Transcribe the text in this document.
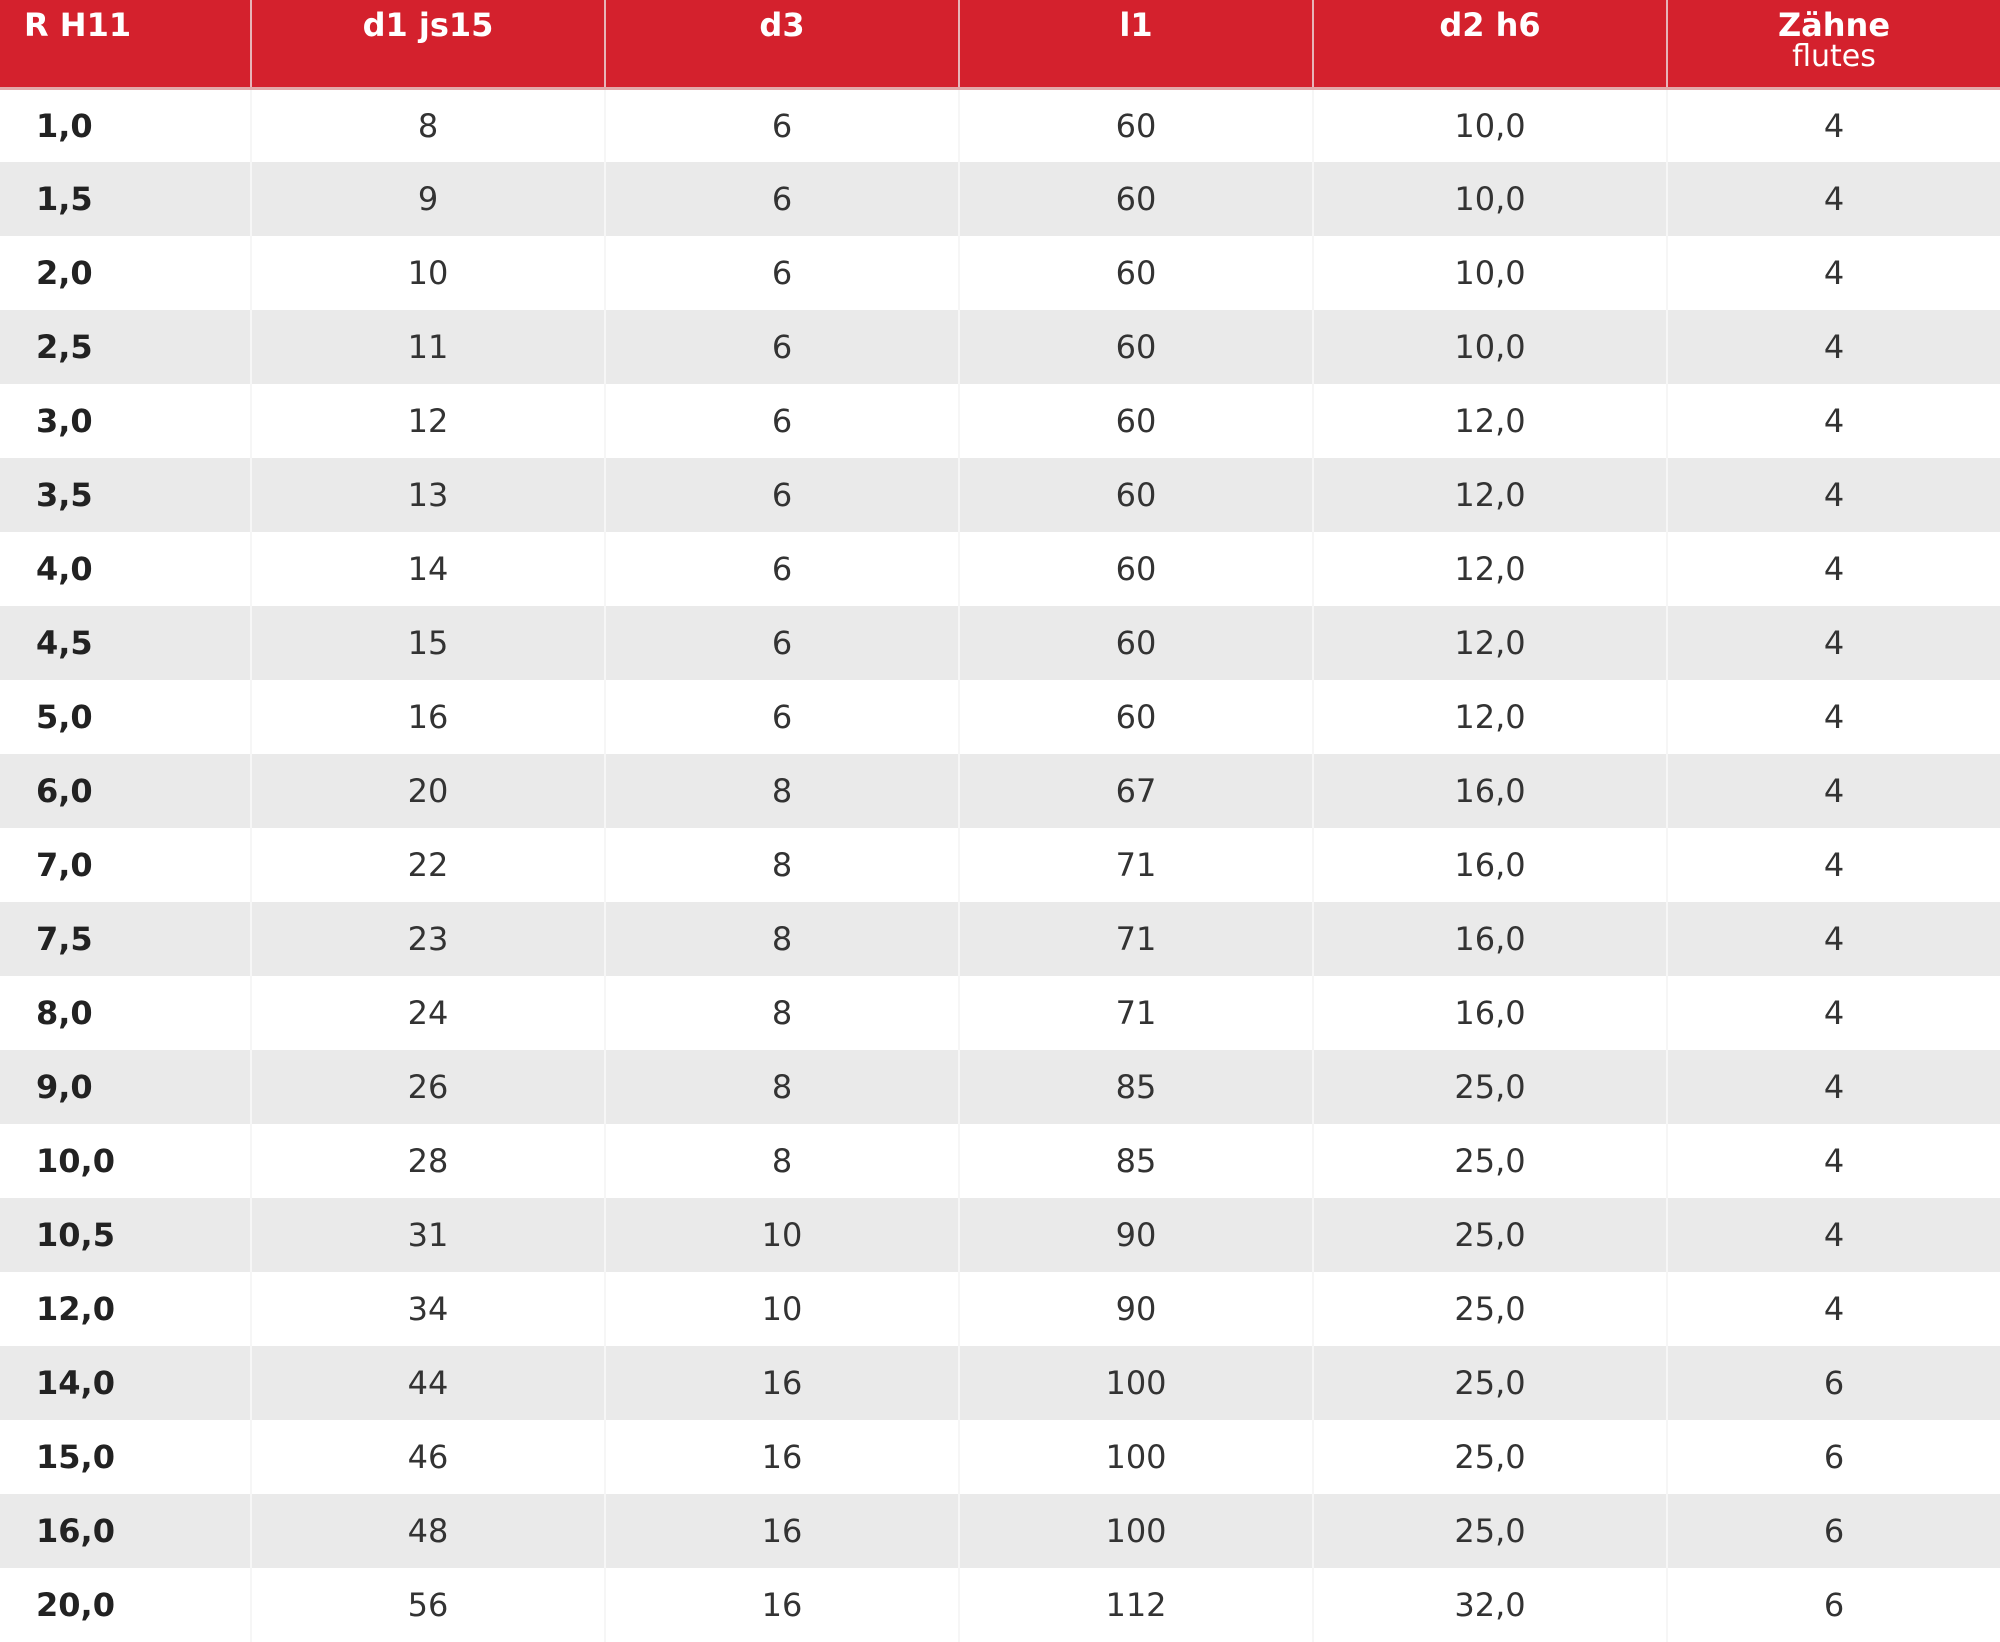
R H11	d1 js15	d3	l1	d2 h6	Zähne
flutes

1,0	8	6	60	10,0	4
1,5	9	6	60	10,0	4
2,0	10	6	60	10,0	4
2,5	11	6	60	10,0	4
3,0	12	6	60	12,0	4
3,5	13	6	60	12,0	4
4,0	14	6	60	12,0	4
4,5	15	6	60	12,0	4
5,0	16	6	60	12,0	4
6,0	20	8	67	16,0	4
7,0	22	8	71	16,0	4
7,5	23	8	71	16,0	4
8,0	24	8	71	16,0	4
9,0	26	8	85	25,0	4
10,0	28	8	85	25,0	4
10,5	31	10	90	25,0	4
12,0	34	10	90	25,0	4
14,0	44	16	100	25,0	6
15,0	46	16	100	25,0	6
16,0	48	16	100	25,0	6
20,0	56	16	112	32,0	6
